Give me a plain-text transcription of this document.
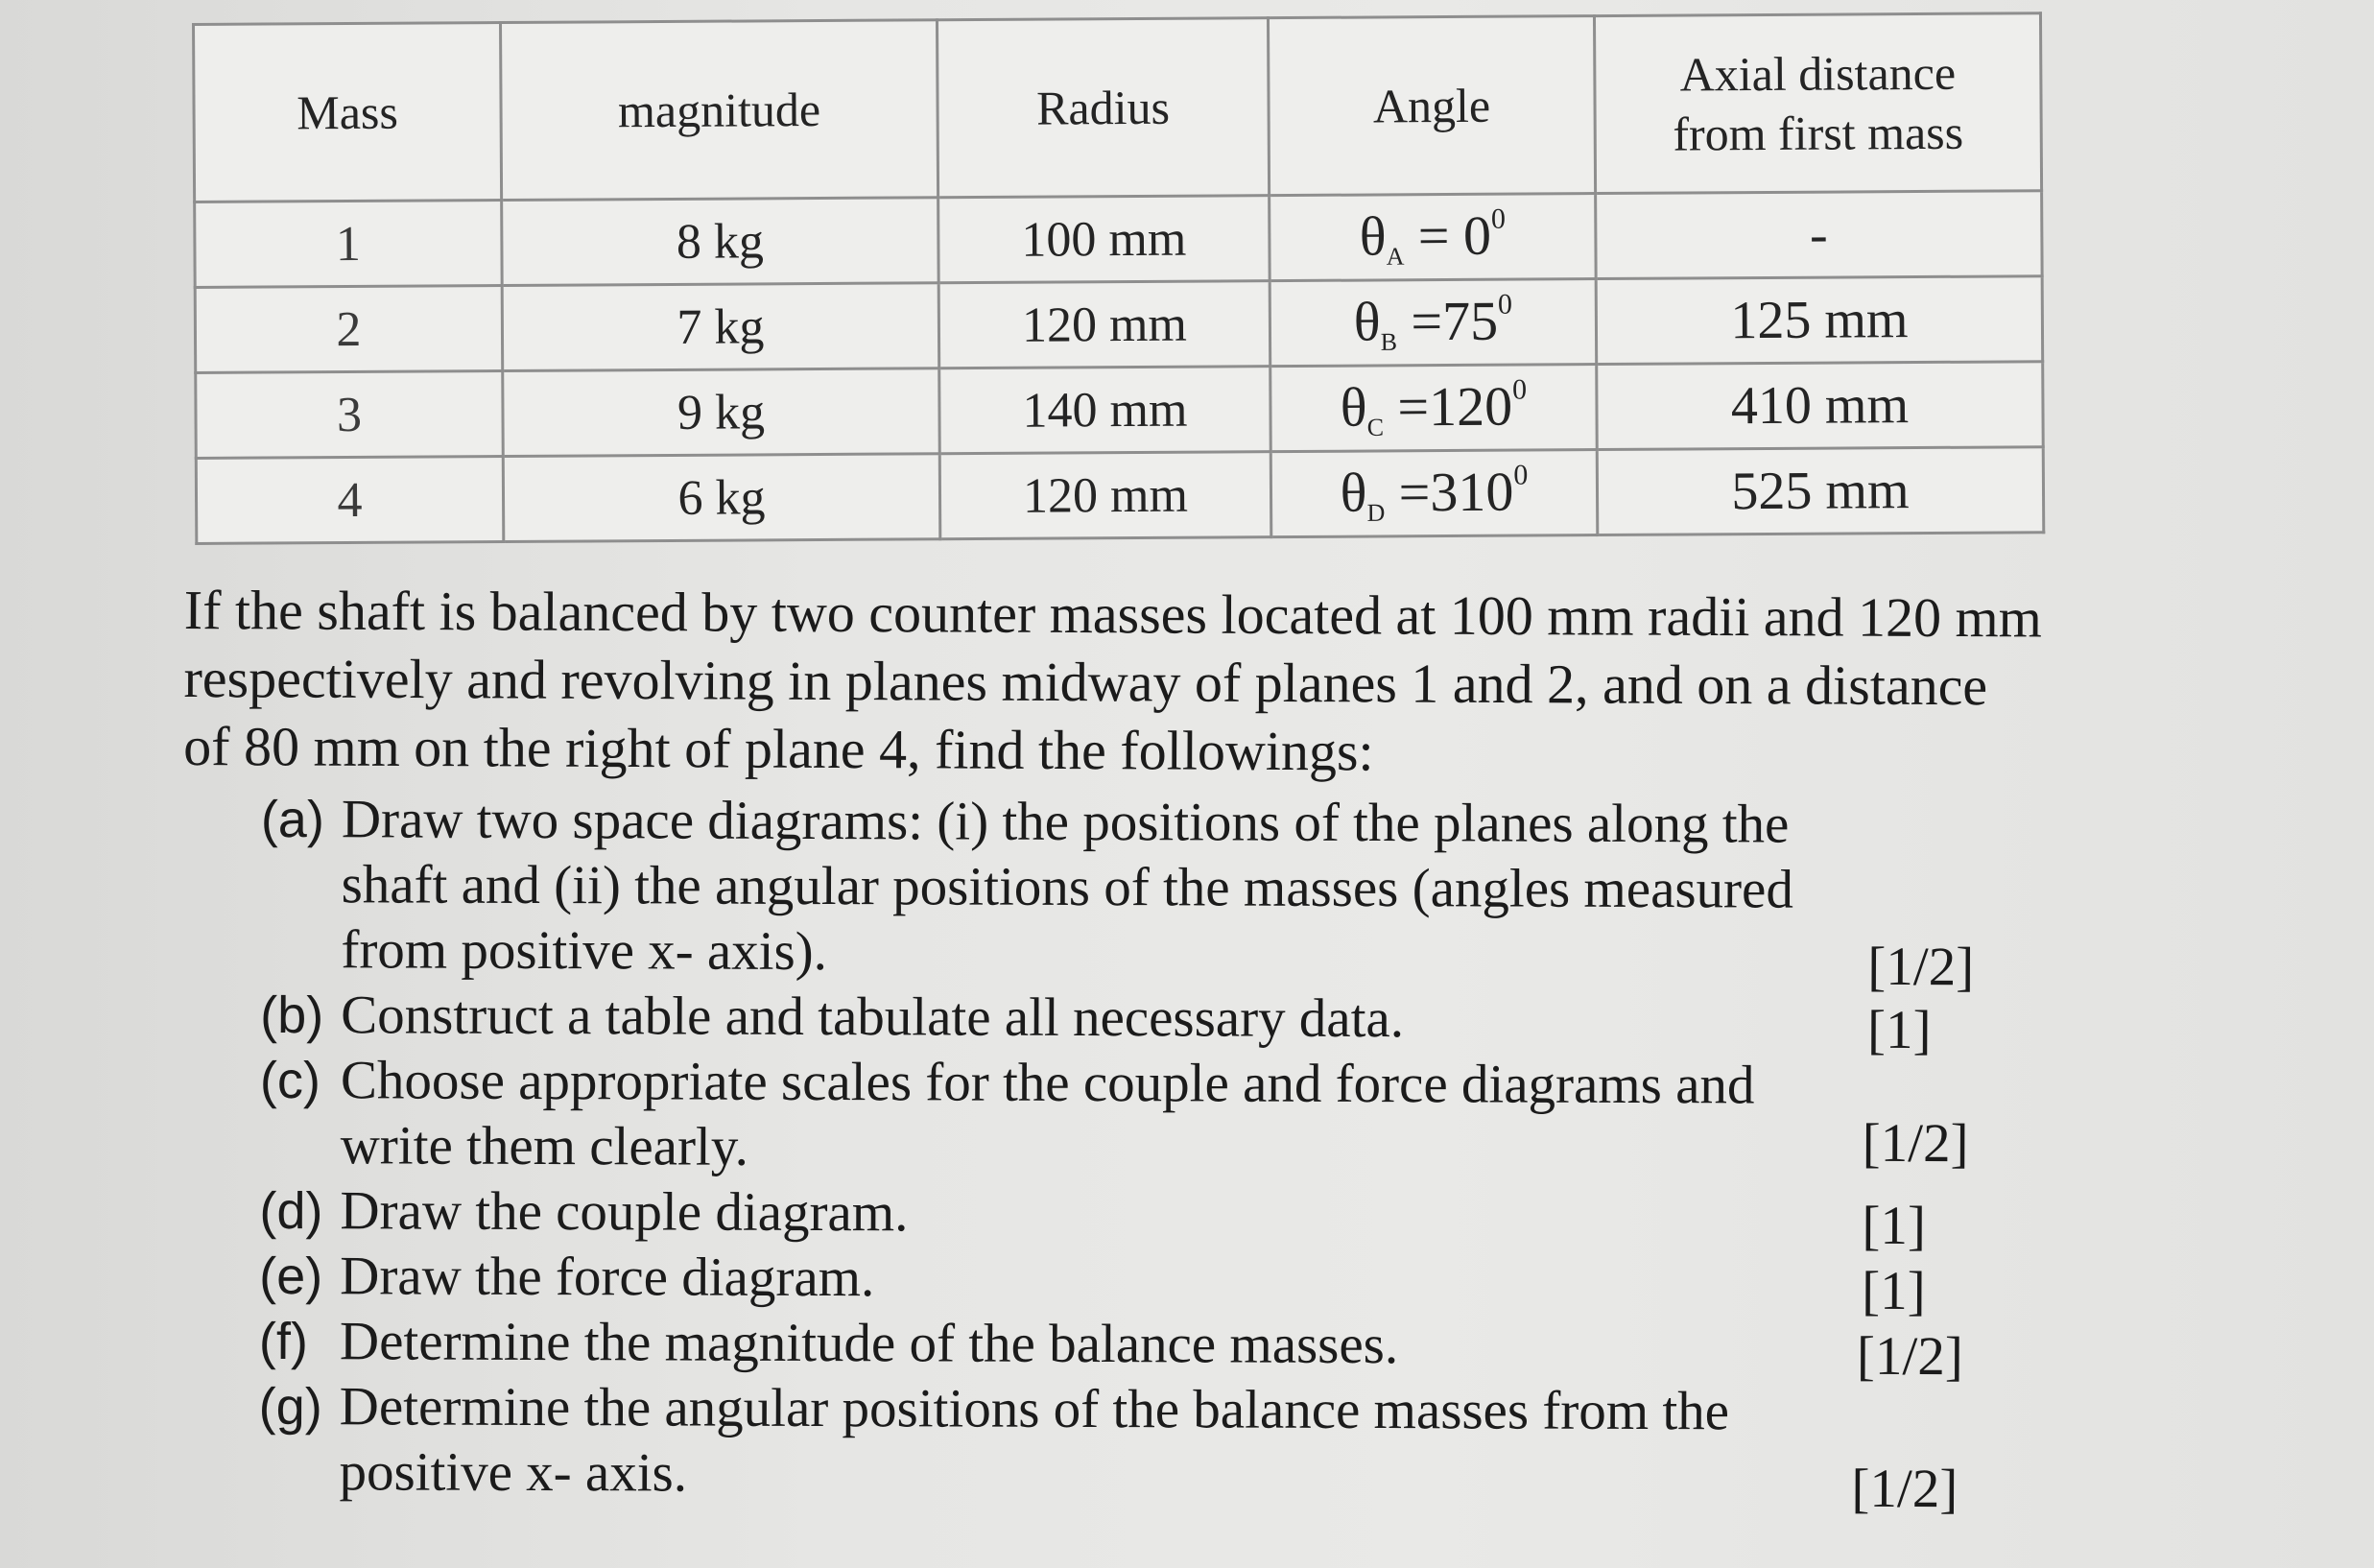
Mass	magnitude	Radius	Angle	Axial distance
from first mass
1	8 kg	100 mm	$\theta_A = 0^0$	-
2	7 kg	120 mm	$\theta_B =75^0$	125 mm
3	9 kg	140 mm	$\theta_C =120^0$	410 mm
4	6 kg	120 mm	$\theta_D =310^0$	525 mm

If the shaft is balanced by two counter masses located at 100 mm radii and 120 mm respectively and revolving in planes midway of planes 1 and 2, and on a distance of 80 mm on the right of plane 4, find the followings:

(a) Draw two space diagrams: (i) the positions of the planes along the shaft and (ii) the angular positions of the masses (angles measured from positive x- axis).	[1/2]
(b) Construct a table and tabulate all necessary data.	[1]
(c) Choose appropriate scales for the couple and force diagrams and write them clearly.	[1/2]
(d) Draw the couple diagram.	[1]
(e) Draw the force diagram.	[1]
(f) Determine the magnitude of the balance masses.	[1/2]
(g) Determine the angular positions of the balance masses from the positive x- axis.	[1/2]
